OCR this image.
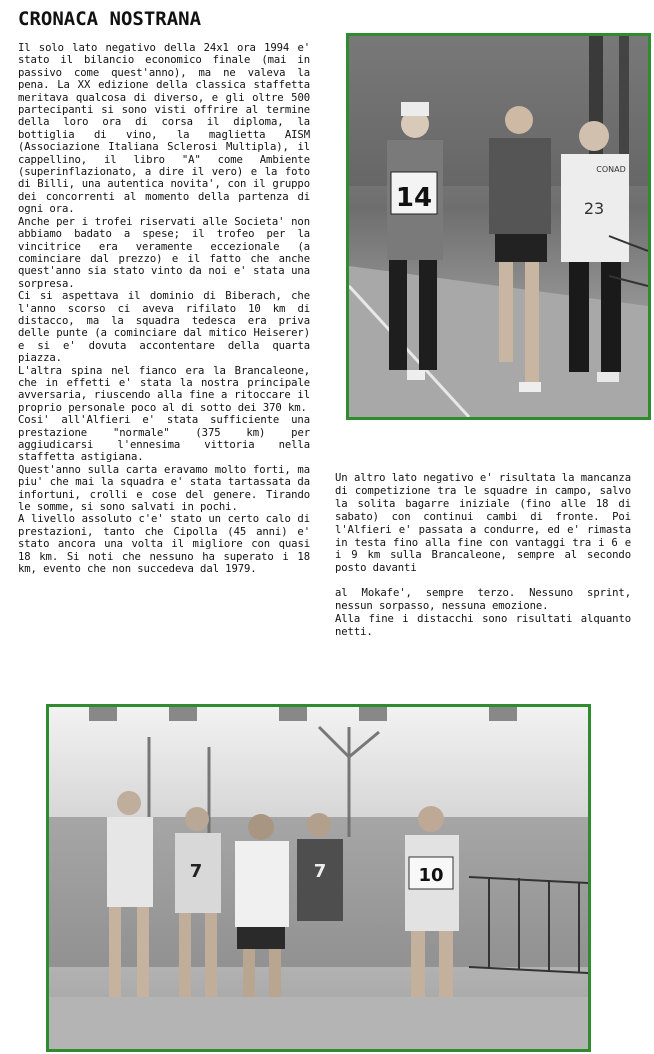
CRONACA NOSTRANA

Il solo lato negativo della 24x1 ora 1994 e' stato il bilancio economico finale (mai in passivo come quest'anno), ma ne valeva la pena. La XX edizione della classica staffetta meritava qualcosa di diverso, e gli oltre 500 partecipanti si sono visti offrire al termine della loro ora di corsa il diploma, la bottiglia di vino, la maglietta AISM (Associazione Italiana Sclerosi Multipla), il cappellino, il libro "A" come Ambiente (superinflazionato, a dire il vero) e la foto di Billi, una autentica novita', con il gruppo dei concorrenti al momento della partenza di ogni ora.

Anche per i trofei riservati alle Societa' non abbiamo badato a spese; il trofeo per la vincitrice era veramente eccezionale (a cominciare dal prezzo) e il fatto che anche quest'anno sia stato vinto da noi e' stata una sorpresa.

Ci si aspettava il dominio di Biberach, che l'anno scorso ci aveva rifilato 10 km di distacco, ma la squadra tedesca era priva delle punte (a cominciare dal mitico Heiserer) e si e' dovuta accontentare della quarta piazza.

L'altra spina nel fianco era la Brancaleone, che in effetti e' stata la nostra principale avversaria, riuscendo alla fine a ritoccare il proprio personale poco al di sotto dei 370 km.

Cosi' all'Alfieri e' stata sufficiente una prestazione "normale" (375 km) per aggiudicarsi l'ennesima vittoria nella staffetta astigiana.

Quest'anno sulla carta eravamo molto forti, ma piu' che mai la squadra e' stata tartassata da infortuni, crolli e cose del genere. Tirando le somme, si sono salvati in pochi.

A livello assoluto c'e' stato un certo calo di prestazioni, tanto che Cipolla (45 anni) e' stato ancora una volta il migliore con quasi 18 km. Si noti che nessuno ha superato i 18 km, evento che non succedeva dal 1979.

Un altro lato negativo e' risultata la mancanza di competizione tra le squadre in campo, salvo la solita bagarre iniziale (fino alle 18 di sabato) con continui cambi di fronte. Poi l'Alfieri e' passata a condurre, ed e' rimasta in testa fino alla fine con vantaggi tra i 6 e i 9 km sulla Brancaleone, sempre al secondo posto davanti

al Mokafe', sempre terzo. Nessuno sprint, nessun sorpasso, nessuna emozione.

Alla fine i distacchi sono risultati alquanto netti.

14
CONAD
23
7	7	10
